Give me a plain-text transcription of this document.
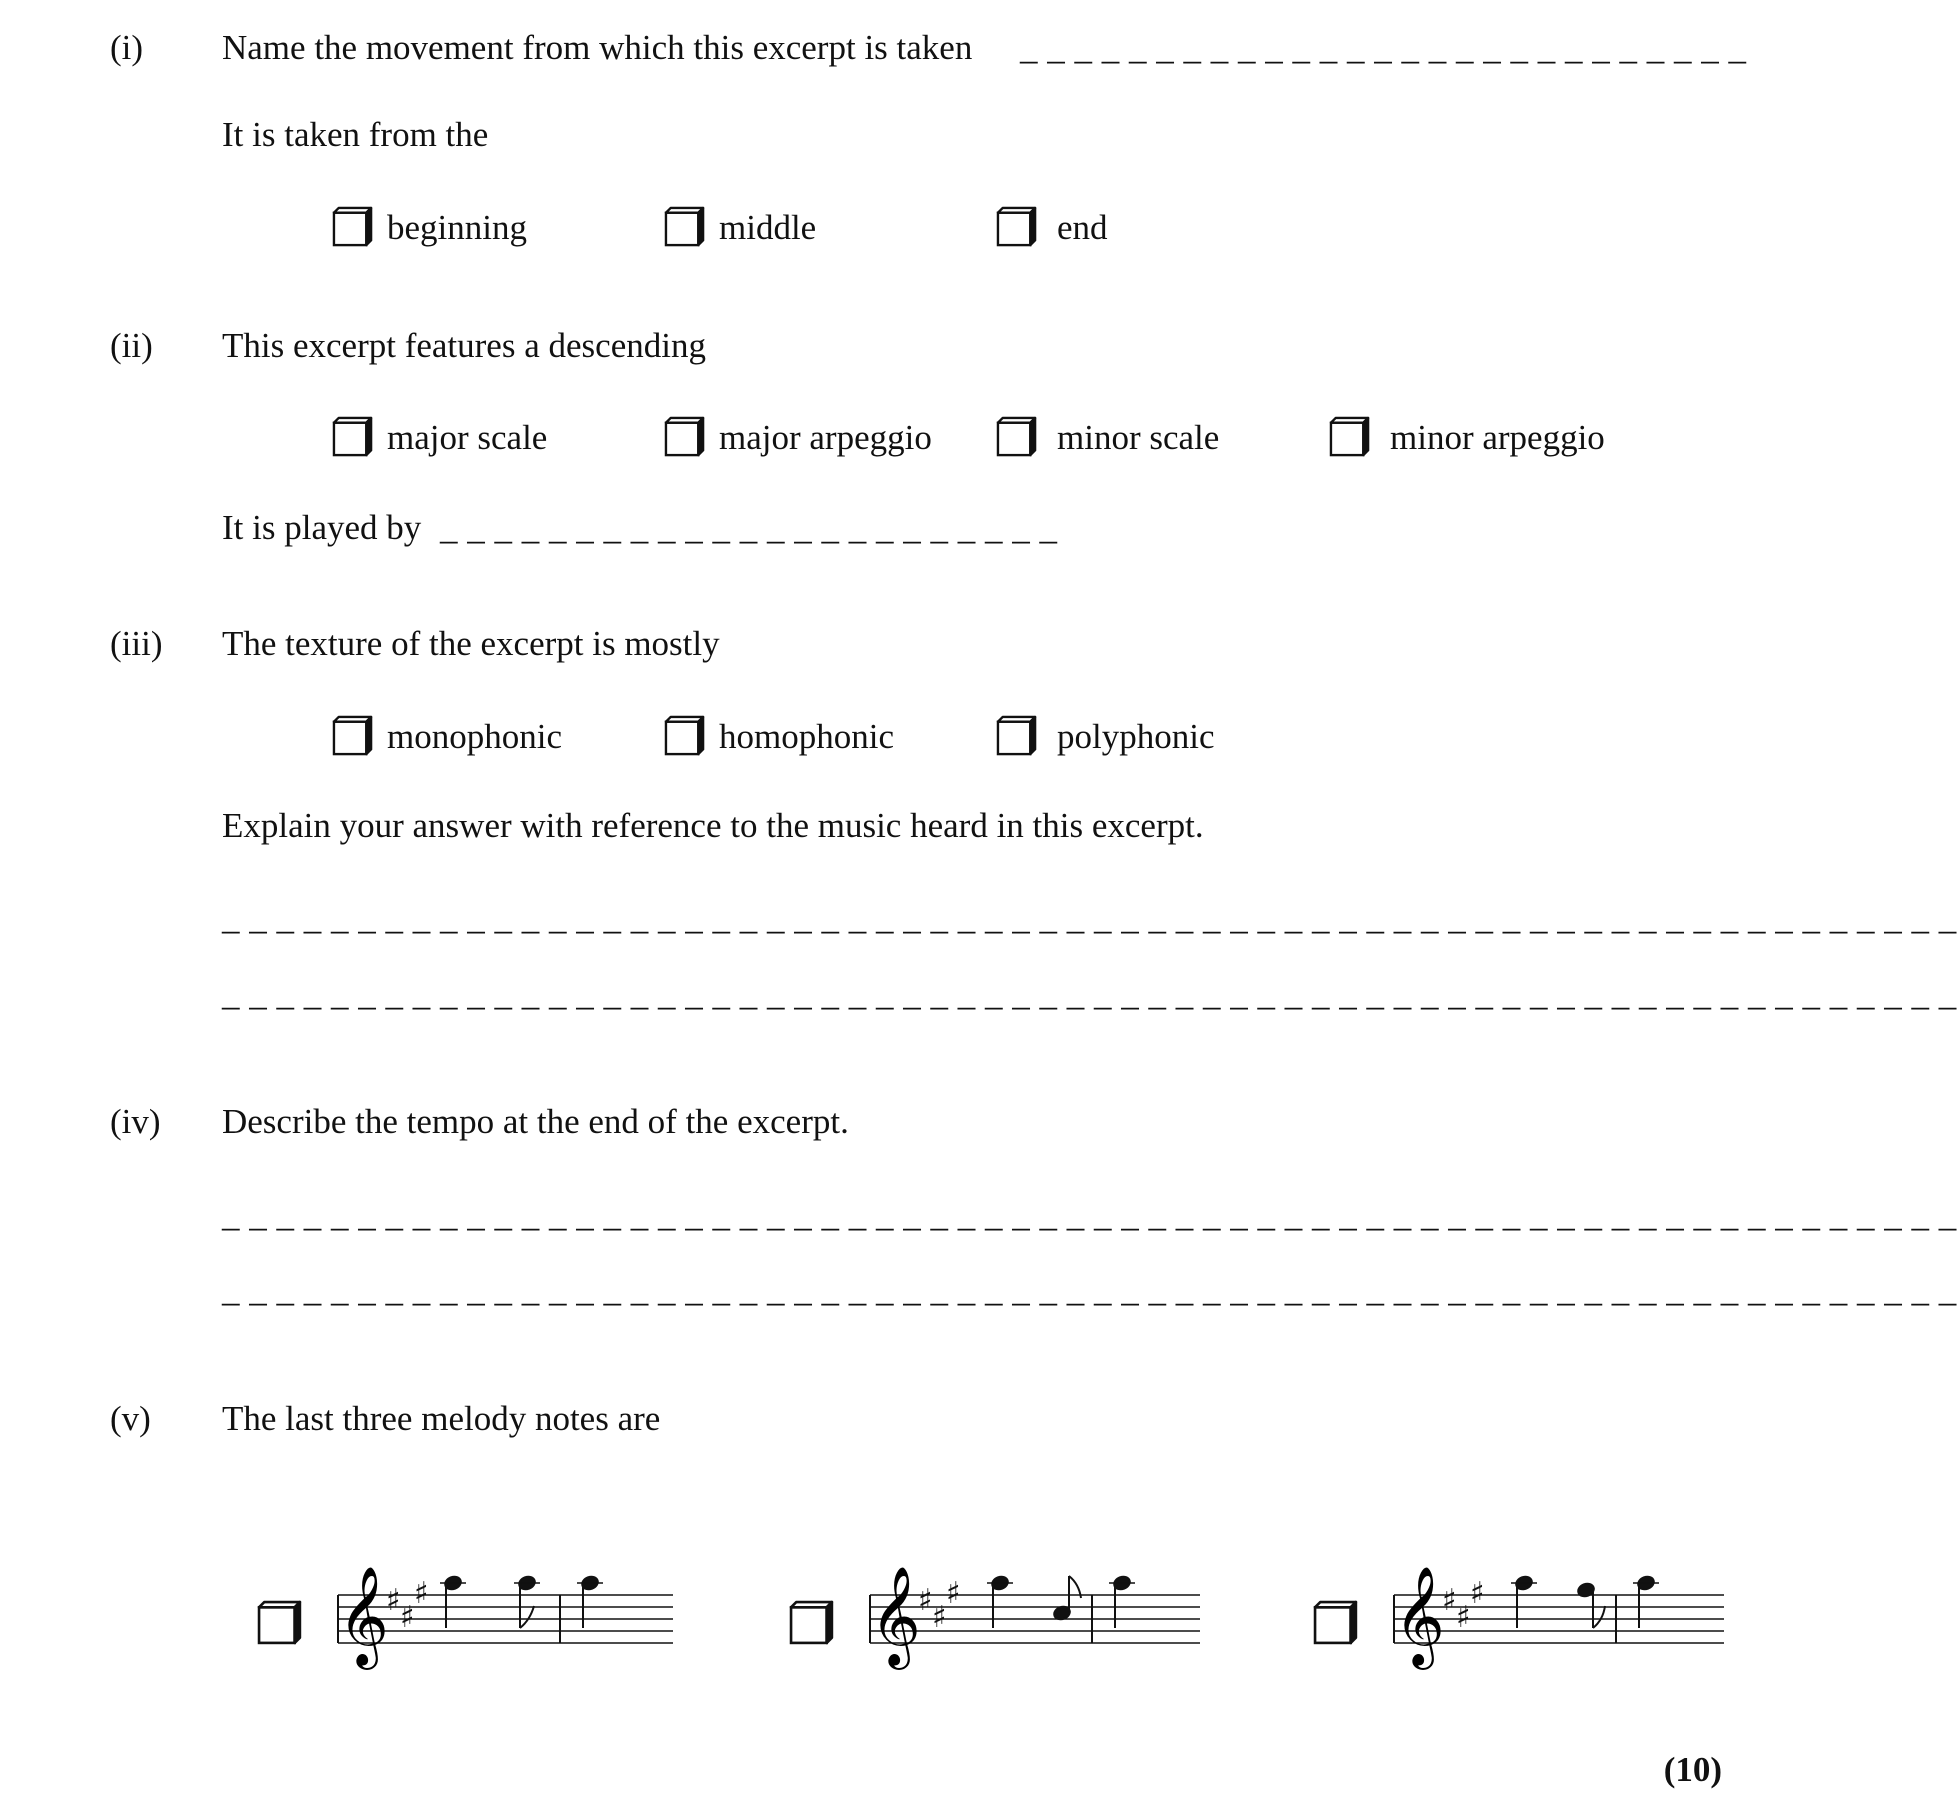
(i) Name the movement from which this excerpt is taken _ _ _ _ _ _ _ _ _ _ _ _ _ _ _ _ _ _ _ _ _ _ _ _ _ _ _
It is taken from the
beginning	middle	end
(ii) This excerpt features a descending
major scale	major arpeggio	minor scale	minor arpeggio
It is played by _ _ _ _ _ _ _ _ _ _ _ _ _ _ _ _ _ _ _ _ _ _ _
(iii) The texture of the excerpt is mostly
monophonic	homophonic	polyphonic
Explain your answer with reference to the music heard in this excerpt.
_ _ _ _ _ _ _ _ _ _ _ _ _ _ _ _ _ _ _ _ _ _ _ _ _ _ _ _ _ _ _ _ _ _ _ _ _ _ _ _ _ _ _ _ _ _ _ _ _ _ _ _ _ _ _ _ _ _ _ _ _ _ _ _
_ _ _ _ _ _ _ _ _ _ _ _ _ _ _ _ _ _ _ _ _ _ _ _ _ _ _ _ _ _ _ _ _ _ _ _ _ _ _ _ _ _ _ _ _ _ _ _ _ _ _ _ _ _ _ _ _ _ _ _ _ _ _ _
(iv) Describe the tempo at the end of the excerpt.
_ _ _ _ _ _ _ _ _ _ _ _ _ _ _ _ _ _ _ _ _ _ _ _ _ _ _ _ _ _ _ _ _ _ _ _ _ _ _ _ _ _ _ _ _ _ _ _ _ _ _ _ _ _ _ _ _ _ _ _ _ _ _ _
_ _ _ _ _ _ _ _ _ _ _ _ _ _ _ _ _ _ _ _ _ _ _ _ _ _ _ _ _ _ _ _ _ _ _ _ _ _ _ _ _ _ _ _ _ _ _ _ _ _ _ _ _ _ _ _ _ _ _ _ _ _ _ _
(v) The last three melody notes are
𝄞
♯ ♯
♯	𝄞
♯ ♯
♯	𝄞
♯ ♯
♯
(10)
